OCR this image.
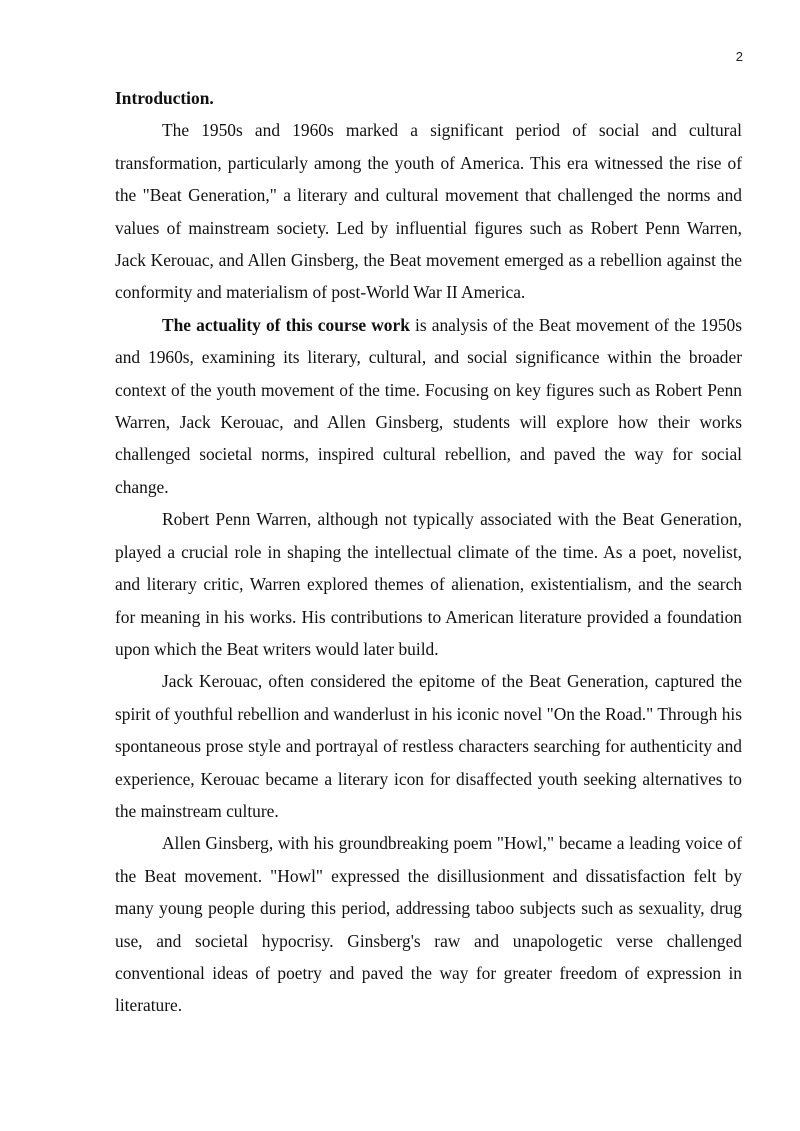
2

Introduction.

The 1950s and 1960s marked a significant period of social and cultural transformation, particularly among the youth of America. This era witnessed the rise of the "Beat Generation," a literary and cultural movement that challenged the norms and values of mainstream society. Led by influential figures such as Robert Penn Warren, Jack Kerouac, and Allen Ginsberg, the Beat movement emerged as a rebellion against the conformity and materialism of post-World War II America.

The actuality of this course work is analysis of the Beat movement of the 1950s and 1960s, examining its literary, cultural, and social significance within the broader context of the youth movement of the time. Focusing on key figures such as Robert Penn Warren, Jack Kerouac, and Allen Ginsberg, students will explore how their works challenged societal norms, inspired cultural rebellion, and paved the way for social change.

Robert Penn Warren, although not typically associated with the Beat Generation, played a crucial role in shaping the intellectual climate of the time. As a poet, novelist, and literary critic, Warren explored themes of alienation, existentialism, and the search for meaning in his works. His contributions to American literature provided a foundation upon which the Beat writers would later build.

Jack Kerouac, often considered the epitome of the Beat Generation, captured the spirit of youthful rebellion and wanderlust in his iconic novel "On the Road." Through his spontaneous prose style and portrayal of restless characters searching for authenticity and experience, Kerouac became a literary icon for disaffected youth seeking alternatives to the mainstream culture.

Allen Ginsberg, with his groundbreaking poem "Howl," became a leading voice of the Beat movement. "Howl" expressed the disillusionment and dissatisfaction felt by many young people during this period, addressing taboo subjects such as sexuality, drug use, and societal hypocrisy. Ginsberg's raw and unapologetic verse challenged conventional ideas of poetry and paved the way for greater freedom of expression in literature.
